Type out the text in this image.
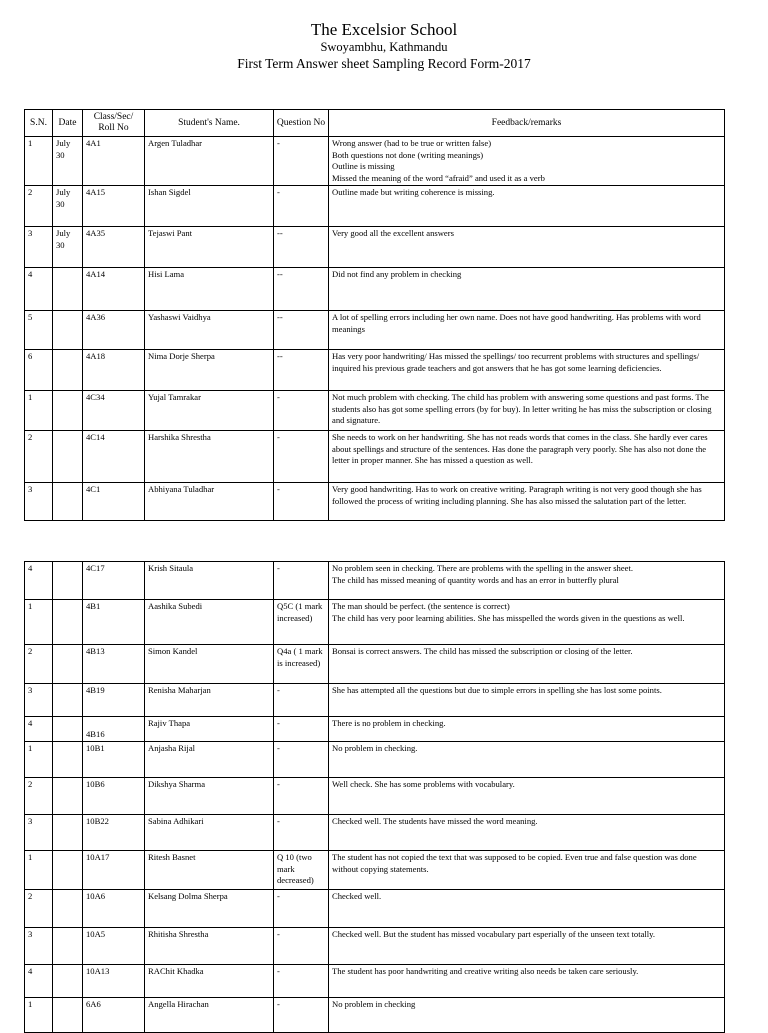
The Excelsior School
Swoyambhu, Kathmandu
First Term Answer sheet Sampling Record Form-2017
S.N.	Date	Class/Sec/ Roll No	Student's Name.	Question No	Feedback/remarks
1	July 30	4A1	Argen Tuladhar	-	Wrong answer (had to be true or written false)
Both questions not done (writing meanings)
Outline is missing
Missed the meaning of the word “afraid” and used it as a verb

2	July 30	4A15	Ishan Sigdel	-	Outline made but writing coherence is missing.

3	July 30	4A35	Tejaswi Pant	--	Very good all the excellent answers

4		4A14	Hisi Lama	--	Did not find any problem in checking

5		4A36	Yashaswi Vaidhya	--	A lot of spelling errors including her own name. Does not have good handwriting. Has problems with word meanings

6		4A18	Nima Dorje Sherpa	--	Has very poor handwriting/ Has missed the spellings/ too recurrent problems with structures and spellings/ inquired his previous grade teachers and got answers that he has got some learning deficiencies.

1		4C34	Yujal Tamrakar	-	Not much problem with checking. The child has problem with answering some questions and past forms. The students also has got some spelling errors (by for buy). In letter writing he has miss the subscription or closing and signature.

2		4C14	Harshika Shrestha	-	She needs to work on her handwriting. She has not reads words that comes in the class. She hardly ever cares about spellings and structure of the sentences. Has done the paragraph very poorly. She has also not done the letter in proper manner. She has missed a question as well.

3		4C1	Abhiyana Tuladhar	-	Very good handwriting. Has to work on creative writing. Paragraph writing is not very good though she has followed the process of writing including planning. She has also missed the salutation part of the letter.
4		4C17	Krish Sitaula	-	No problem seen in checking. There are problems with the spelling in the answer sheet.
The child has missed meaning of quantity words and has an error in butterfly plural

1		4B1	Aashika Subedi	Q5C (1 mark increased)	The man should be perfect. (the sentence is correct)
The child has very poor learning abilities. She has misspelled the words given in the questions as well.

2		4B13	Simon Kandel	Q4a ( 1 mark is increased)	Bonsai is correct answers. The child has missed the subscription or closing of the letter.

3		4B19	Renisha Maharjan	-	She has attempted all the questions but due to simple errors in spelling she has lost some points.

4		4B16	Rajiv Thapa	-	There is no problem in checking.

1		10B1	Anjasha Rijal	-	No problem in checking.

2		10B6	Dikshya Sharma	-	Well check. She has some problems with vocabulary.

3		10B22	Sabina Adhikari	-	Checked well. The students have missed the word meaning.

1		10A17	Ritesh Basnet	Q 10 (two mark decreased)	The student has not copied the text that was supposed to be copied. Even true and false question was done without copying statements.

2		10A6	Kelsang Dolma Sherpa	-	Checked well.

3		10A5	Rhitisha Shrestha	-	Checked well. But the student has missed vocabulary part esperially of the unseen text totally.

4		10A13	RAChit Khadka	-	The student has poor handwriting and creative writing also needs be taken care seriously.

1		6A6	Angella Hirachan	-	No problem in checking
